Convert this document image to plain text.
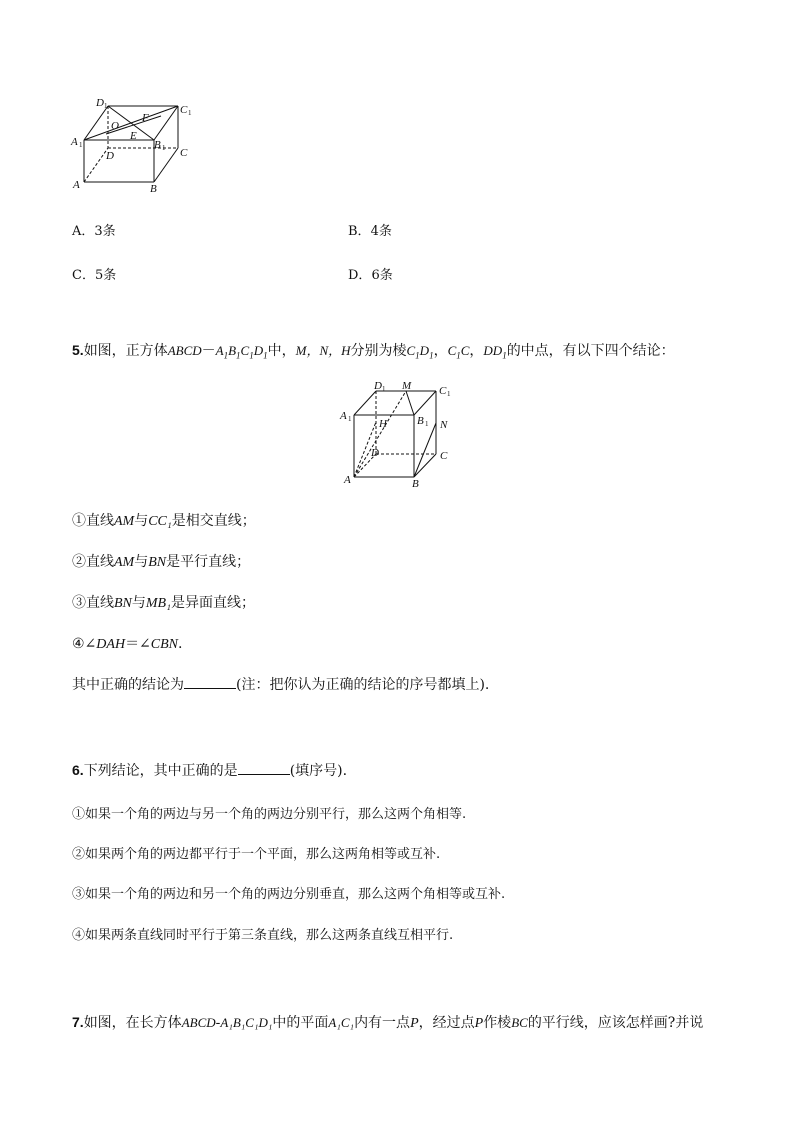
D 1	C 1
O
F
A 1
E
B 1 C
D
A	B
A．3条	B．4条
C．5条	D．6条
5.如图，正方体$ABCD-A_1B_1C_1D_1$中，M，N，H分别为棱$C_1D_1$，$C_1C$，$DD_1$的中点，有以下四个结论：
D 1 M	C 1
A 1	H	B 1 N
D	C
A	B
①直线AM与CC₁是相交直线；
②直线AM与BN是平行直线；
③直线BN与MB₁是异面直线；
④∠DAH＝∠CBN.
其中正确的结论为	(注：把你认为正确的结论的序号都填上).
6.下列结论，其中正确的是	(填序号).
①如果一个角的两边与另一个角的两边分别平行，那么这两个角相等.
②如果两个角的两边都平行于一个平面，那么这两角相等或互补.
③如果一个角的两边和另一个角的两边分别垂直，那么这两个角相等或互补.
④如果两条直线同时平行于第三条直线，那么这两条直线互相平行.
7.如图，在长方体ABCD-A₁B₁C₁D₁中的平面A₁C₁内有一点P，经过点P作棱BC的平行线，应该怎样画?并说
